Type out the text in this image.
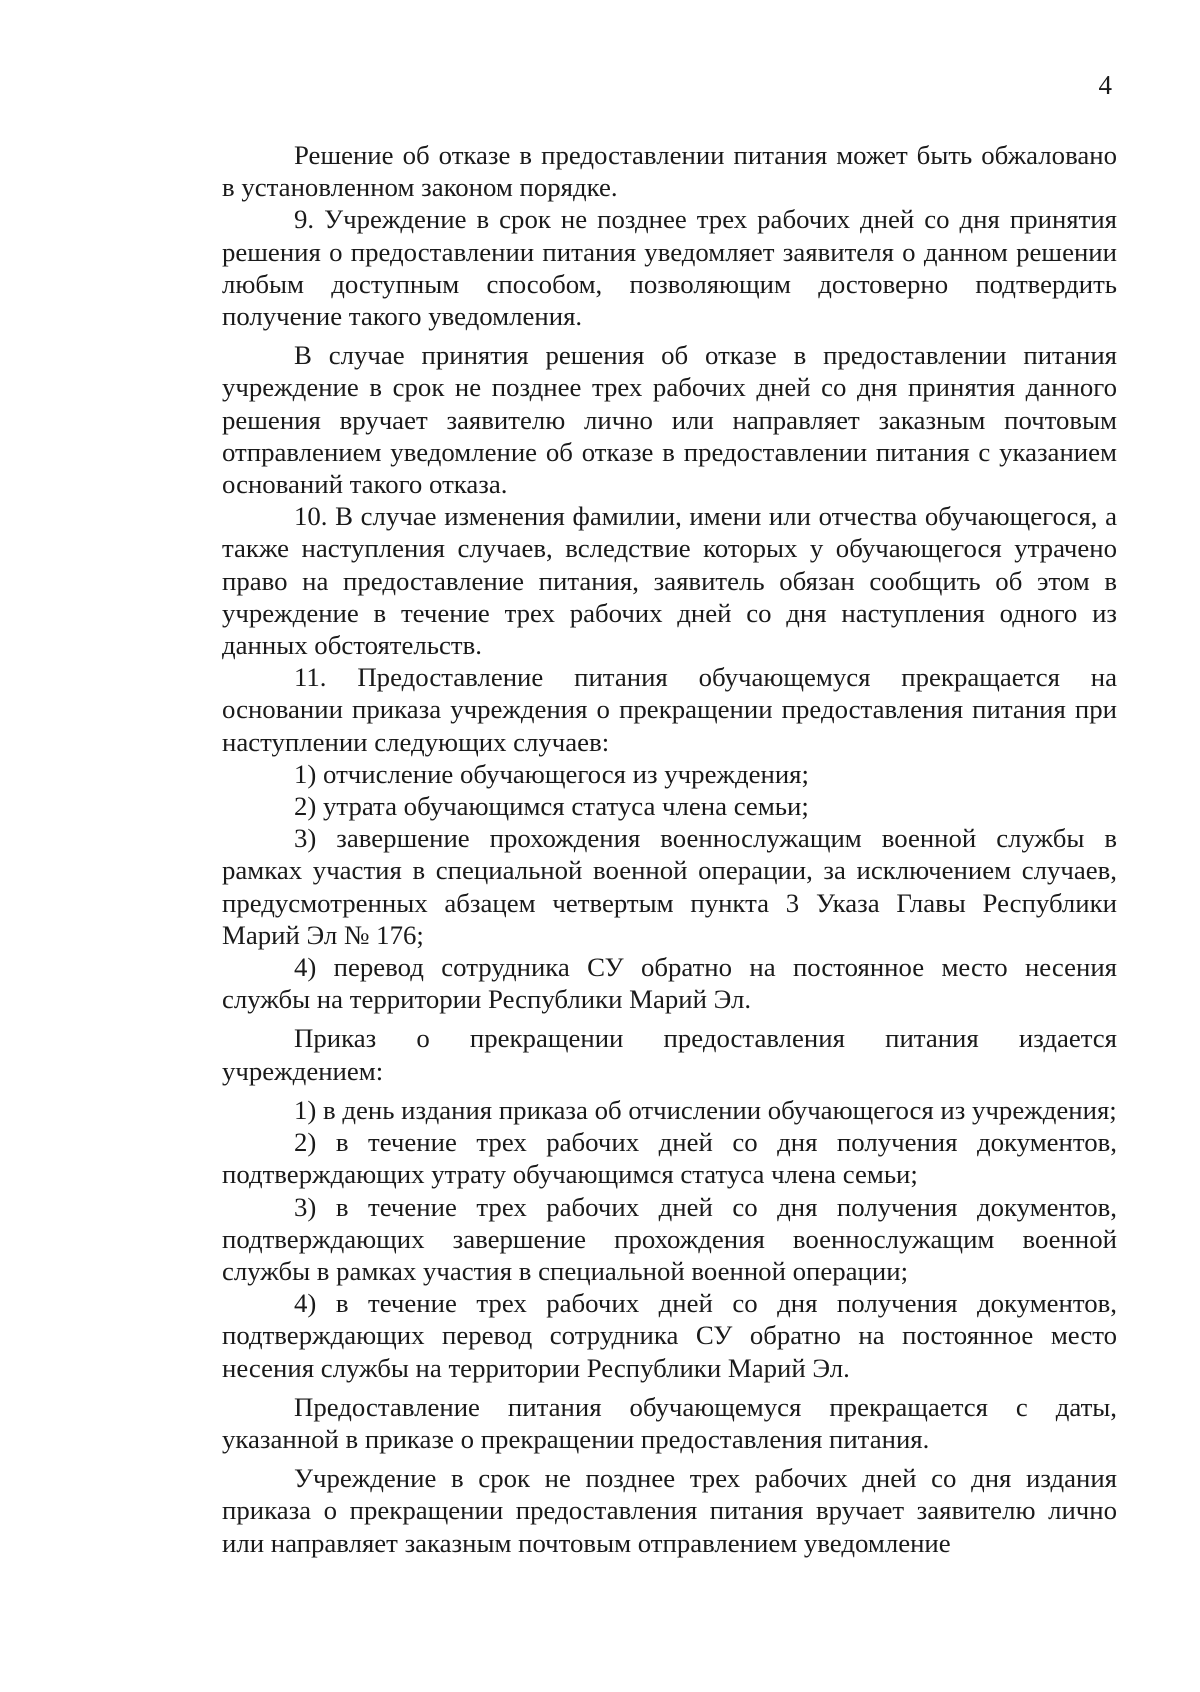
4

Решение об отказе в предоставлении питания может быть обжаловано в установленном законом порядке.

9. Учреждение в срок не позднее трех рабочих дней со дня принятия решения о предоставлении питания уведомляет заявителя о данном решении любым доступным способом, позволяющим достоверно подтвердить получение такого уведомления.

В случае принятия решения об отказе в предоставлении питания учреждение в срок не позднее трех рабочих дней со дня принятия данного решения вручает заявителю лично или направляет заказным почтовым отправлением уведомление об отказе в предоставлении питания с указанием оснований такого отказа.

10. В случае изменения фамилии, имени или отчества обучающегося, а также наступления случаев, вследствие которых у обучающегося утрачено право на предоставление питания, заявитель обязан сообщить об этом в учреждение в течение трех рабочих дней со дня наступления одного из данных обстоятельств.

11. Предоставление питания обучающемуся прекращается на основании приказа учреждения о прекращении предоставления питания при наступлении следующих случаев:

1) отчисление обучающегося из учреждения;

2) утрата обучающимся статуса члена семьи;

3) завершение прохождения военнослужащим военной службы в рамках участия в специальной военной операции, за исключением случаев, предусмотренных абзацем четвертым пункта 3 Указа Главы Республики Марий Эл № 176;

4) перевод сотрудника СУ обратно на постоянное место несения службы на территории Республики Марий Эл.

Приказ о прекращении предоставления питания издается учреждением:

1) в день издания приказа об отчислении обучающегося из учреждения;

2) в течение трех рабочих дней со дня получения документов, подтверждающих утрату обучающимся статуса члена семьи;

3) в течение трех рабочих дней со дня получения документов, подтверждающих завершение прохождения военнослужащим военной службы в рамках участия в специальной военной операции;

4) в течение трех рабочих дней со дня получения документов, подтверждающих перевод сотрудника СУ обратно на постоянное место несения службы на территории Республики Марий Эл.

Предоставление питания обучающемуся прекращается с даты, указанной в приказе о прекращении предоставления питания.

Учреждение в срок не позднее трех рабочих дней со дня издания приказа о прекращении предоставления питания вручает заявителю лично или направляет заказным почтовым отправлением уведомление
